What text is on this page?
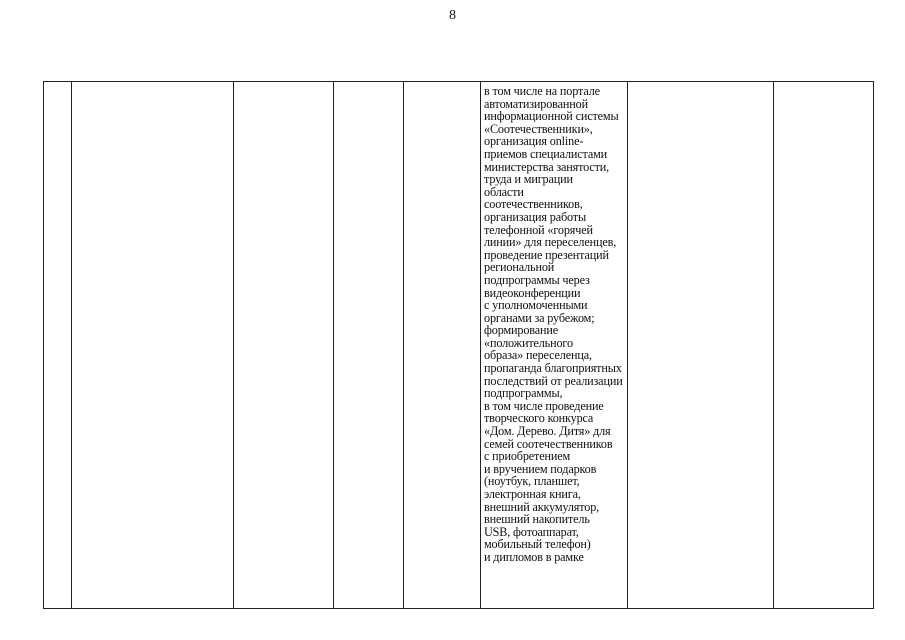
8

в том числе на портале
автоматизированной
информационной системы
«Соотечественники»,
организация online-
приемов специалистами
министерства занятости,
труда и миграции
области соотечественников,
организация работы
телефонной «горячей
линии» для переселенцев,
проведение презентаций
региональной
подпрограммы через
видеоконференции
с уполномоченными
органами за рубежом;
формирование
«положительного
образа» переселенца,
пропаганда благоприятных
последствий от реализации
подпрограммы,
в том числе проведение
творческого конкурса
«Дом. Дерево. Дитя» для
семей соотечественников
с приобретением
и вручением подарков
(ноутбук, планшет,
электронная книга,
внешний аккумулятор,
внешний накопитель
USB, фотоаппарат,
мобильный телефон)
и дипломов в рамке
